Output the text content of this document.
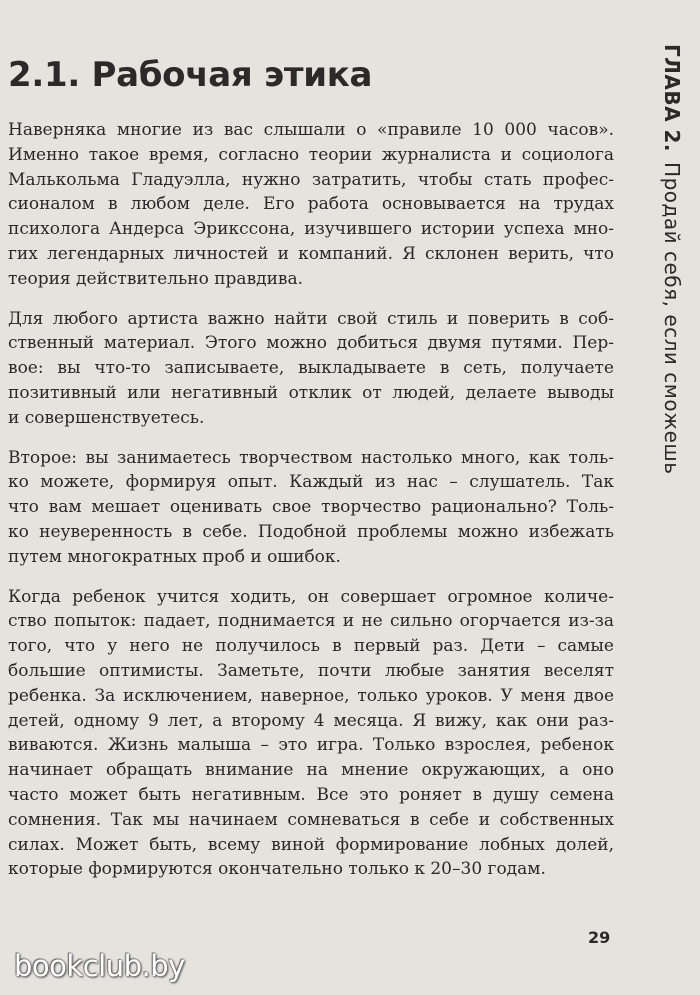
2.1. Рабочая этика
Наверняка многие из вас слышали о «правиле 10 000 часов».
Именно такое время, согласно теории журналиста и социолога
Малькольма Гладуэлла, нужно затратить, чтобы стать профес-
сионалом в любом деле. Его работа основывается на трудах
психолога Андерса Эрикссона, изучившего истории успеха мно-
гих легендарных личностей и компаний. Я склонен верить, что
теория действительно правдива.
Для любого артиста важно найти свой стиль и поверить в соб-
ственный материал. Этого можно добиться двумя путями. Пер-
вое: вы что-то записываете, выкладываете в сеть, получаете
позитивный или негативный отклик от людей, делаете выводы
и совершенствуетесь.
Второе: вы занимаетесь творчеством настолько много, как толь-
ко можете, формируя опыт. Каждый из нас – слушатель. Так
что вам мешает оценивать свое творчество рационально? Толь-
ко неуверенность в себе. Подобной проблемы можно избежать
путем многократных проб и ошибок.
Когда ребенок учится ходить, он совершает огромное количе-
ство попыток: падает, поднимается и не сильно огорчается из-за
того, что у него не получилось в первый раз. Дети – самые
большие оптимисты. Заметьте, почти любые занятия веселят
ребенка. За исключением, наверное, только уроков. У меня двое
детей, одному 9 лет, а второму 4 месяца. Я вижу, как они раз-
виваются. Жизнь малыша – это игра. Только взрослея, ребенок
начинает обращать внимание на мнение окружающих, а оно
часто может быть негативным. Все это роняет в душу семена
сомнения. Так мы начинаем сомневаться в себе и собственных
силах. Может быть, всему виной формирование лобных долей,
которые формируются окончательно только к 20–30 годам.
ГЛАВА 2.Продай себя, если сможешь
29
bookclub.by
